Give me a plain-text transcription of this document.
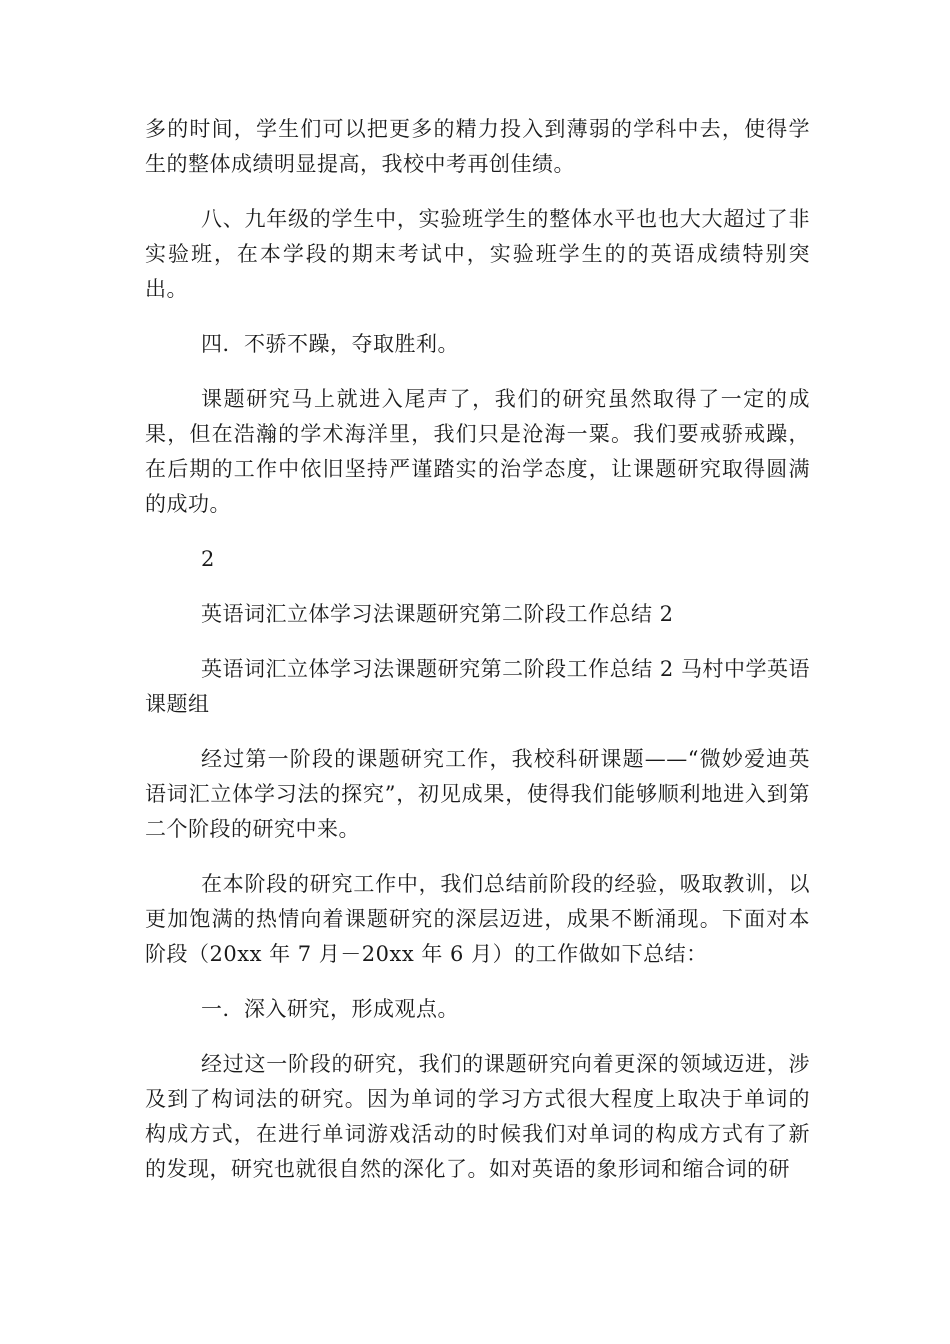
多的时间，学生们可以把更多的精力投入到薄弱的学科中去，使得学生的整体成绩明显提高，我校中考再创佳绩。

八、九年级的学生中，实验班学生的整体水平也也大大超过了非实验班，在本学段的期末考试中，实验班学生的的英语成绩特别突出。

四．不骄不躁，夺取胜利。

课题研究马上就进入尾声了，我们的研究虽然取得了一定的成果，但在浩瀚的学术海洋里，我们只是沧海一粟。我们要戒骄戒躁，在后期的工作中依旧坚持严谨踏实的治学态度，让课题研究取得圆满的成功。

2

英语词汇立体学习法课题研究第二阶段工作总结 2

英语词汇立体学习法课题研究第二阶段工作总结 2 马村中学英语课题组

经过第一阶段的课题研究工作，我校科研课题——“微妙爱迪英语词汇立体学习法的探究”，初见成果，使得我们能够顺利地进入到第二个阶段的研究中来。

在本阶段的研究工作中，我们总结前阶段的经验，吸取教训，以更加饱满的热情向着课题研究的深层迈进，成果不断涌现。下面对本阶段（20xx 年 7 月－20xx 年 6 月）的工作做如下总结：

一．深入研究，形成观点。

经过这一阶段的研究，我们的课题研究向着更深的领域迈进，涉及到了构词法的研究。因为单词的学习方式很大程度上取决于单词的构成方式，在进行单词游戏活动的时候我们对单词的构成方式有了新的发现，研究也就很自然的深化了。如对英语的象形词和缩合词的研
